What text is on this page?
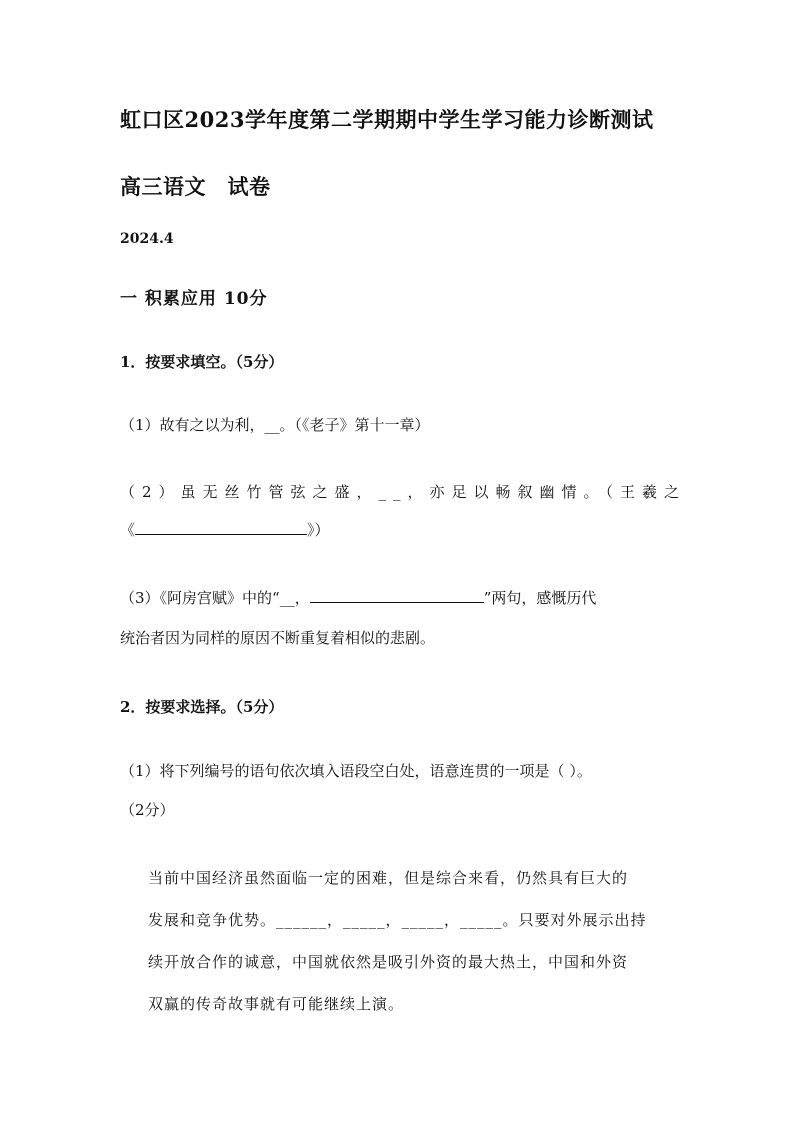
虹口区2023学年度第二学期期中学生学习能力诊断测试
高三语文　试卷
2024.4
一 积累应用 10分
1．按要求填空。（5分）
（1）故有之以为利，__。（《老子》第十一章）
（2）虽无丝竹管弦之盛，__，亦足以畅叙幽情。（王羲之
《	》）
（3）《阿房宫赋》中的“__，	”两句，感慨历代
统治者因为同样的原因不断重复着相似的悲剧。
2．按要求选择。（5分）
（1）将下列编号的语句依次填入语段空白处，语意连贯的一项是（ ）。
（2分）
当前中国经济虽然面临一定的困难，但是综合来看，仍然具有巨大的
发展和竞争优势。______，_____，_____，_____。只要对外展示出持
续开放合作的诚意，中国就依然是吸引外资的最大热土，中国和外资
双赢的传奇故事就有可能继续上演。
